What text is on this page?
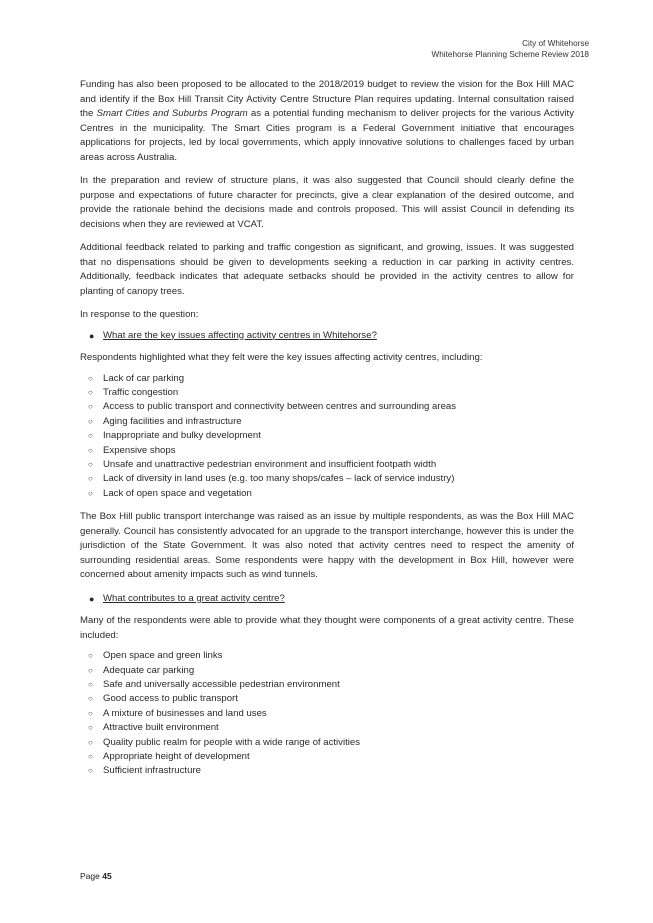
City of Whitehorse
Whitehorse Planning Scheme Review 2018

Funding has also been proposed to be allocated to the 2018/2019 budget to review the vision for the Box Hill MAC and identify if the Box Hill Transit City Activity Centre Structure Plan requires updating. Internal consultation raised the Smart Cities and Suburbs Program as a potential funding mechanism to deliver projects for the various Activity Centres in the municipality. The Smart Cities program is a Federal Government initiative that encourages applications for projects, led by local governments, which apply innovative solutions to challenges faced by urban areas across Australia.

In the preparation and review of structure plans, it was also suggested that Council should clearly define the purpose and expectations of future character for precincts, give a clear explanation of the desired outcome, and provide the rationale behind the decisions made and controls proposed. This will assist Council in defending its decisions when they are reviewed at VCAT.

Additional feedback related to parking and traffic congestion as significant, and growing, issues. It was suggested that no dispensations should be given to developments seeking a reduction in car parking in activity centres. Additionally, feedback indicates that adequate setbacks should be provided in the activity centres to allow for planting of canopy trees.

In response to the question:

● What are the key issues affecting activity centres in Whitehorse?

Respondents highlighted what they felt were the key issues affecting activity centres, including:

○	Lack of car parking
○	Traffic congestion
○	Access to public transport and connectivity between centres and surrounding areas
○	Aging facilities and infrastructure
○	Inappropriate and bulky development
○	Expensive shops
○	Unsafe and unattractive pedestrian environment and insufficient footpath width
○	Lack of diversity in land uses (e.g. too many shops/cafes – lack of service industry)
○	Lack of open space and vegetation

The Box Hill public transport interchange was raised as an issue by multiple respondents, as was the Box Hill MAC generally. Council has consistently advocated for an upgrade to the transport interchange, however this is under the jurisdiction of the State Government. It was also noted that activity centres need to respect the amenity of surrounding residential areas. Some respondents were happy with the development in Box Hill, however were concerned about amenity impacts such as wind tunnels.

● What contributes to a great activity centre?

Many of the respondents were able to provide what they thought were components of a great activity centre. These included:

○	Open space and green links
○	Adequate car parking
○	Safe and universally accessible pedestrian environment
○	Good access to public transport
○	A mixture of businesses and land uses
○	Attractive built environment
○	Quality public realm for people with a wide range of activities
○	Appropriate height of development
○	Sufficient infrastructure
Page 45
